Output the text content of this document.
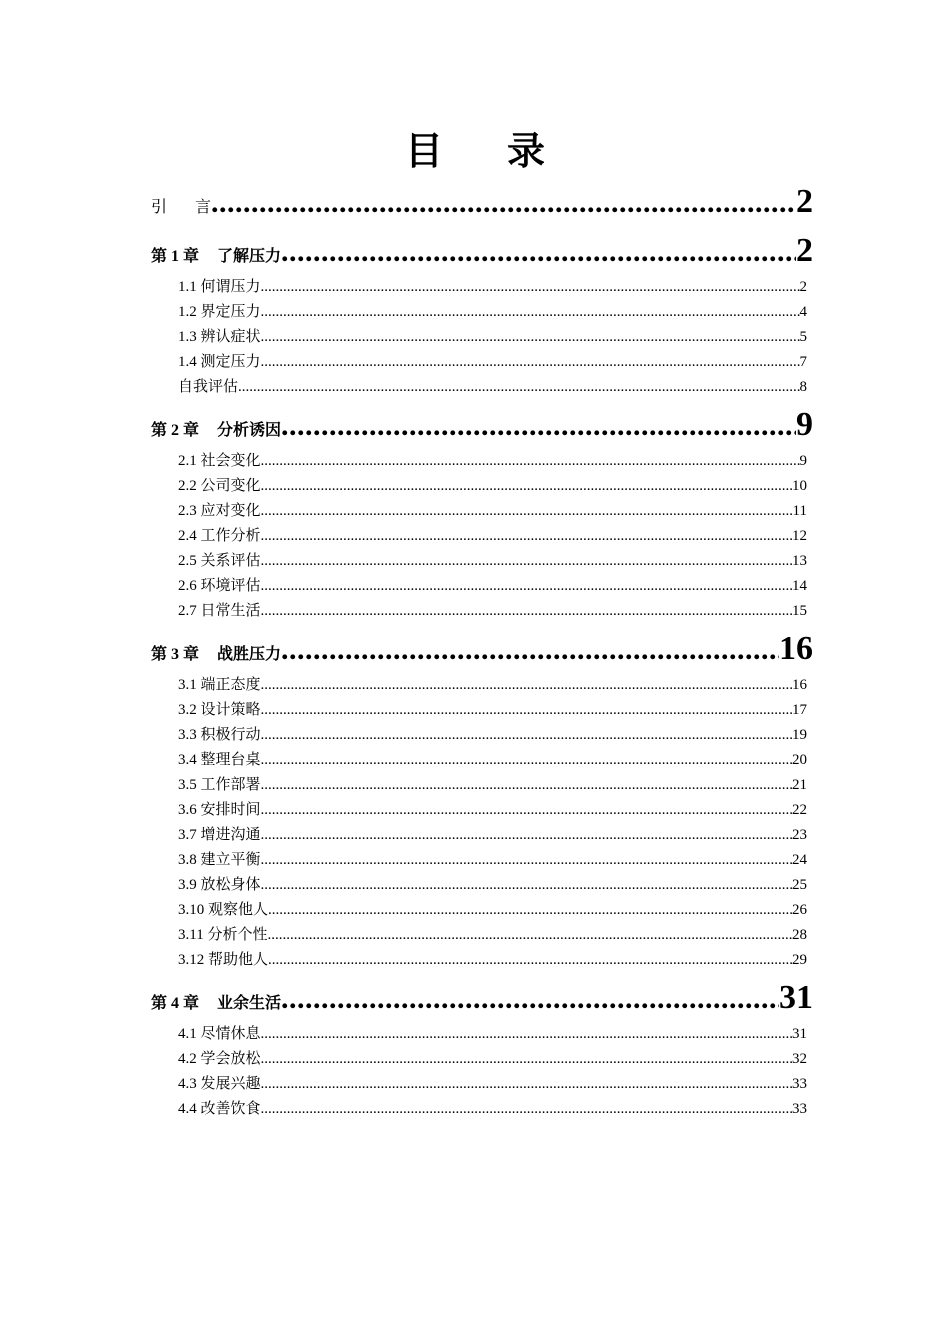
目 录
引 言 .....	2
第 1 章 了解压力 .....	2
1.1 何谓压力 .....	2
1.2 界定压力 .....	4
1.3 辨认症状 .....	5
1.4 测定压力 .....	7
自我评估 .....	8
第 2 章 分析诱因 .....	9
2.1 社会变化 .....	9
2.2 公司变化 .....	10
2.3 应对变化 .....	11
2.4 工作分析 .....	12
2.5 关系评估 .....	13
2.6 环境评估 .....	14
2.7 日常生活 .....	15
第 3 章 战胜压力 .....	16
3.1 端正态度 .....	16
3.2 设计策略 .....	17
3.3 积极行动 .....	19
3.4 整理台桌 .....	20
3.5 工作部署 .....	21
3.6 安排时间 .....	22
3.7 增进沟通 .....	23
3.8 建立平衡 .....	24
3.9 放松身体 .....	25
3.10 观察他人 .....	26
3.11 分析个性 .....	28
3.12 帮助他人 .....	29
第 4 章 业余生活 .....	31
4.1 尽情休息 .....	31
4.2 学会放松 .....	32
4.3 发展兴趣 .....	33
4.4 改善饮食 .....	33
